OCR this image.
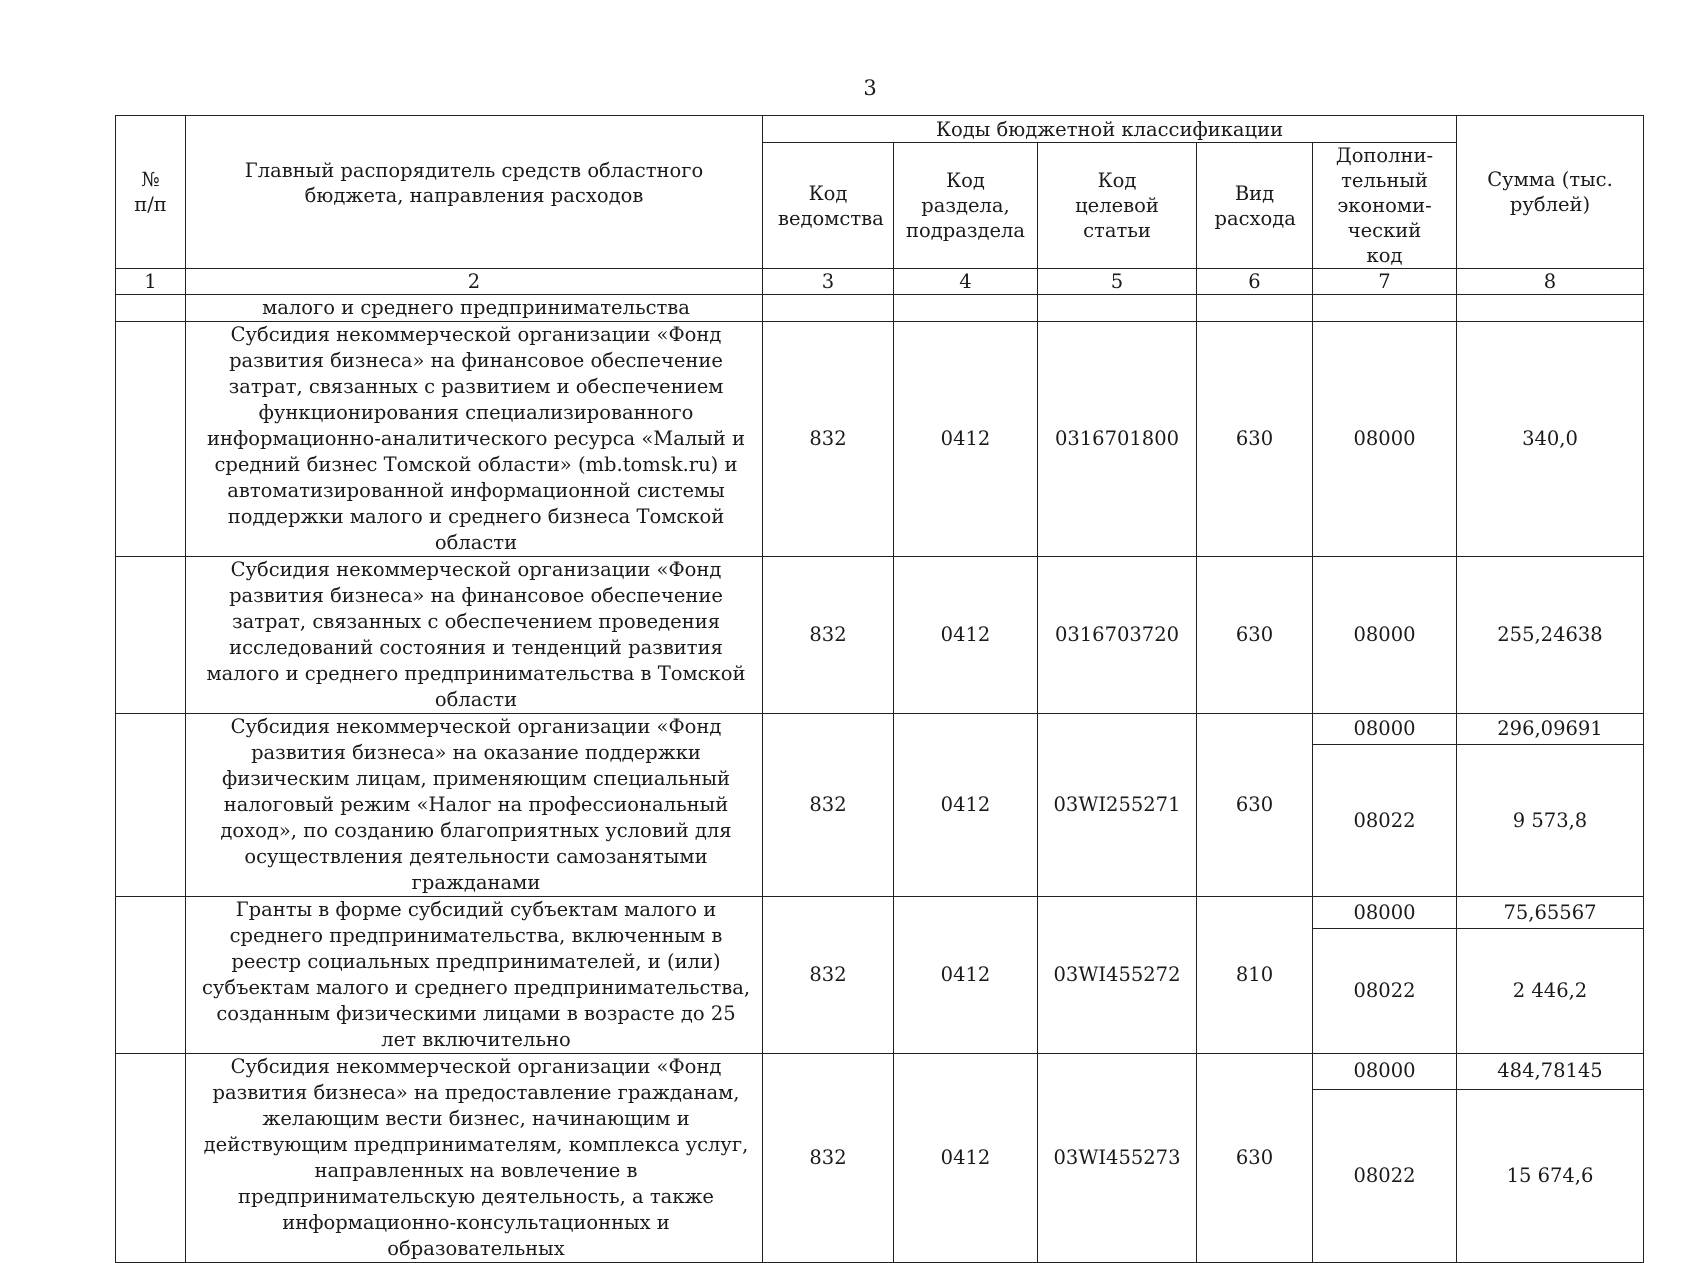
3
№ п/п	Главный распорядитель средств областного бюджета, направления расходов	Коды бюджетной классификации					Сумма (тыс. рублей)

		Код ведомства	Код раздела, подраздела	Код целевой статьи	Вид расхода	Дополни-тельный экономи-ческий код	

1	2	3	4	5	6	7	8
	малого и среднего предпринимательства						
	Субсидия некоммерческой организации «Фонд развития бизнеса» на финансовое обеспечение затрат, связанных с развитием и обеспечением функционирования специализированного информационно-аналитического ресурса «Малый и средний бизнес Томской области» (mb.tomsk.ru) и автоматизированной информационной системы поддержки малого и среднего бизнеса Томской области	832	0412	0316701800	630	08000	340,0
	Субсидия некоммерческой организации «Фонд развития бизнеса» на финансовое обеспечение затрат, связанных с обеспечением проведения исследований состояния и тенденций развития малого и среднего предпринимательства в Томской области	832	0412	0316703720	630	08000	255,24638
	Субсидия некоммерческой организации «Фонд развития бизнеса» на оказание поддержки физическим лицам, применяющим специальный налоговый режим «Налог на профессиональный доход», по созданию благоприятных условий для осуществления деятельности самозанятыми гражданами	832	0412	03WI255271	630	08000	296,09691
						08022	9 573,8
	Гранты в форме субсидий субъектам малого и среднего предпринимательства, включенным в реестр социальных предпринимателей, и (или) субъектам малого и среднего предпринимательства, созданным физическими лицами в возрасте до 25 лет включительно	832	0412	03WI455272	810	08000	75,65567
						08022	2 446,2
	Субсидия некоммерческой организации «Фонд развития бизнеса» на предоставление гражданам, желающим вести бизнес, начинающим и действующим предпринимателям, комплекса услуг, направленных на вовлечение в предпринимательскую деятельность, а также информационно-консультационных и образовательных	832	0412	03WI455273	630	08000	484,78145
						08022	15 674,6
